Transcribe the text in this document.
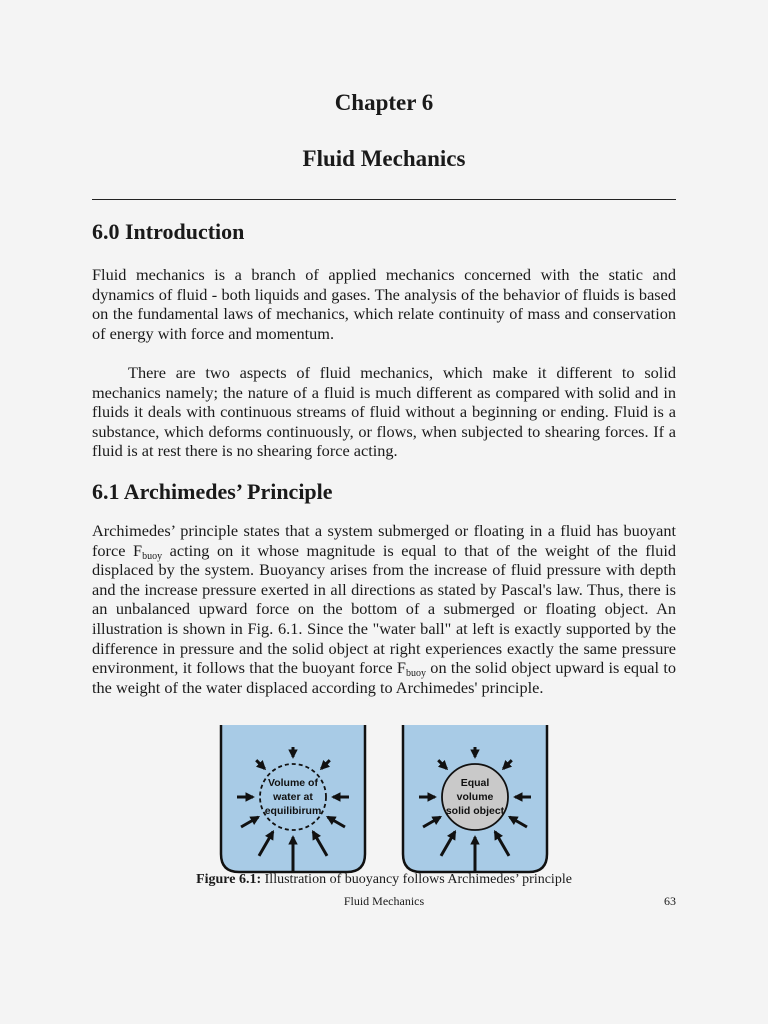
Chapter 6
Fluid Mechanics
6.0 Introduction
Fluid mechanics is a branch of applied mechanics concerned with the static and dynamics of fluid - both liquids and gases. The analysis of the behavior of fluids is based on the fundamental laws of mechanics, which relate continuity of mass and conservation of energy with force and momentum.
There are two aspects of fluid mechanics, which make it different to solid mechanics namely; the nature of a fluid is much different as compared with solid and in fluids it deals with continuous streams of fluid without a beginning or ending. Fluid is a substance, which deforms continuously, or flows, when subjected to shearing forces. If a fluid is at rest there is no shearing force acting.
6.1 Archimedes’ Principle
Archimedes’ principle states that a system submerged or floating in a fluid has buoyant force $F_{buoy}$ acting on it whose magnitude is equal to that of the weight of the fluid displaced by the system. Buoyancy arises from the increase of fluid pressure with depth and the increase pressure exerted in all directions as stated by Pascal's law. Thus, there is an unbalanced upward force on the bottom of a submerged or floating object. An illustration is shown in Fig. 6.1. Since the "water ball" at left is exactly supported by the difference in pressure and the solid object at right experiences exactly the same pressure environment, it follows that the buoyant force $F_{buoy}$ on the solid object upward is equal to the weight of the water displaced according to Archimedes' principle.
Volume of
water at
equilibirum
Equal
volume
solid object
Figure 6.1: Illustration of buoyancy follows Archimedes’ principle
Fluid Mechanics	63
